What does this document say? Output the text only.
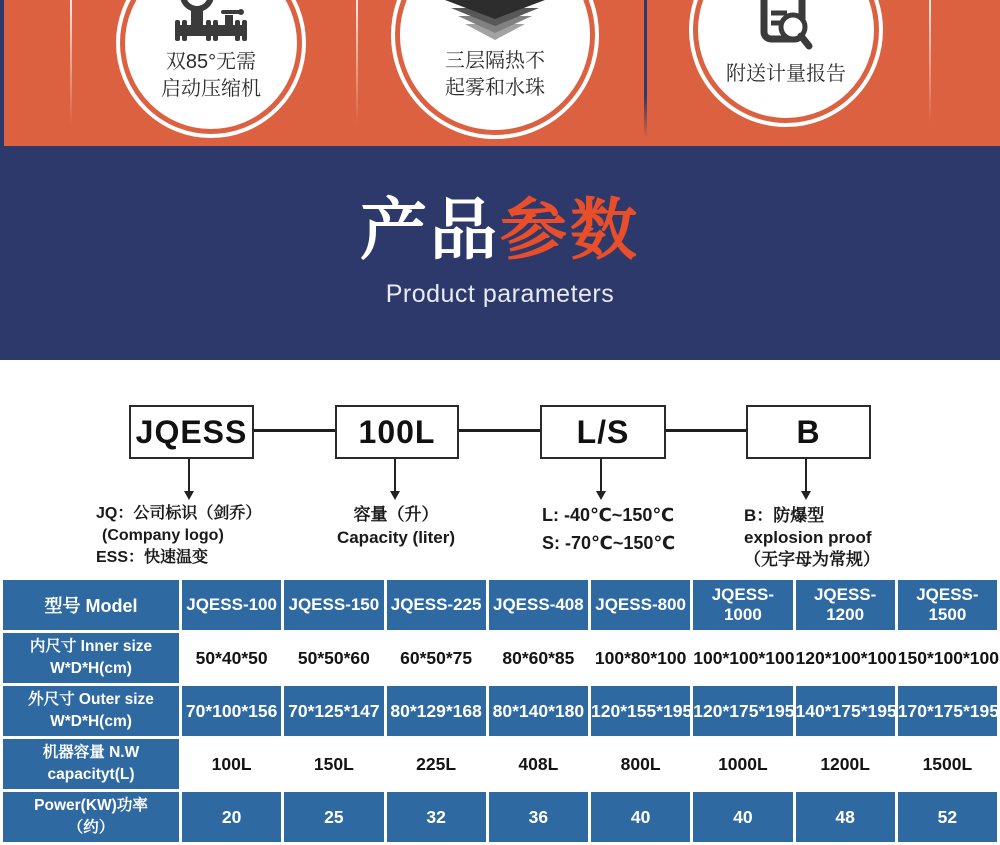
双85°无需
启动压缩机
三层隔热不
起雾和水珠
附送计量报告
产品参数
Product parameters
JQESS	100L	L/S	B
JQ：公司标识（剑乔）
(Company logo)
ESS：快速温变
容量（升）
Capacity (liter)
L: -40℃~150℃
S: -70℃~150℃
B：防爆型
explosion proof
（无字母为常规）
型号 Model	JQESS-100	JQESS-150	JQESS-225	JQESS-408	JQESS-800	JQESS-1000	JQESS-1200	JQESS-1500

内尺寸 Inner size
W*D*H(cm)	50*40*50	50*50*60	60*50*75	80*60*85	100*80*100	100*100*100	120*100*100	150*100*100

外尺寸 Outer size
W*D*H(cm)	70*100*156	70*125*147	80*129*168	80*140*180	120*155*195	120*175*195	140*175*195	170*175*195

机器容量 N.W
capacityt(L)	100L	150L	225L	408L	800L	1000L	1200L	1500L

Power(KW)功率
（约）	20	25	32	36	40	40	48	52
